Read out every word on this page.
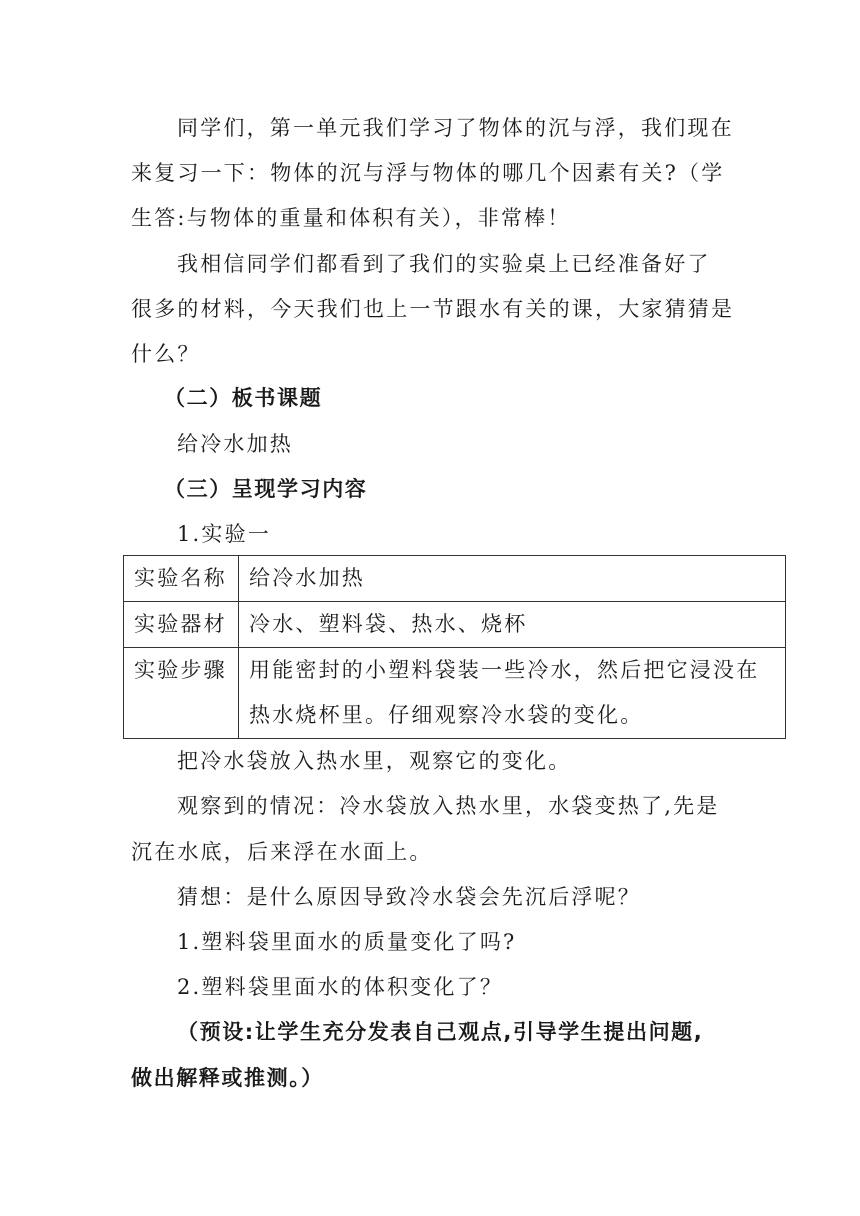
同学们，第一单元我们学习了物体的沉与浮，我们现在
来复习一下：物体的沉与浮与物体的哪几个因素有关?（学
生答:与物体的重量和体积有关），非常棒！
我相信同学们都看到了我们的实验桌上已经准备好了
很多的材料，今天我们也上一节跟水有关的课，大家猜猜是
什么？
（二）板书课题
给冷水加热
（三）呈现学习内容
1.实验一
实验名称	给冷水加热
实验器材	冷水、塑料袋、热水、烧杯
实验步骤	用能密封的小塑料袋装一些冷水，然后把它浸没在
热水烧杯里。仔细观察冷水袋的变化。
把冷水袋放入热水里，观察它的变化。
观察到的情况：冷水袋放入热水里，水袋变热了,先是
沉在水底，后来浮在水面上。
猜想：是什么原因导致冷水袋会先沉后浮呢？
1.塑料袋里面水的质量变化了吗?
2.塑料袋里面水的体积变化了？
（预设:让学生充分发表自己观点,引导学生提出问题,
做出解释或推测。）
